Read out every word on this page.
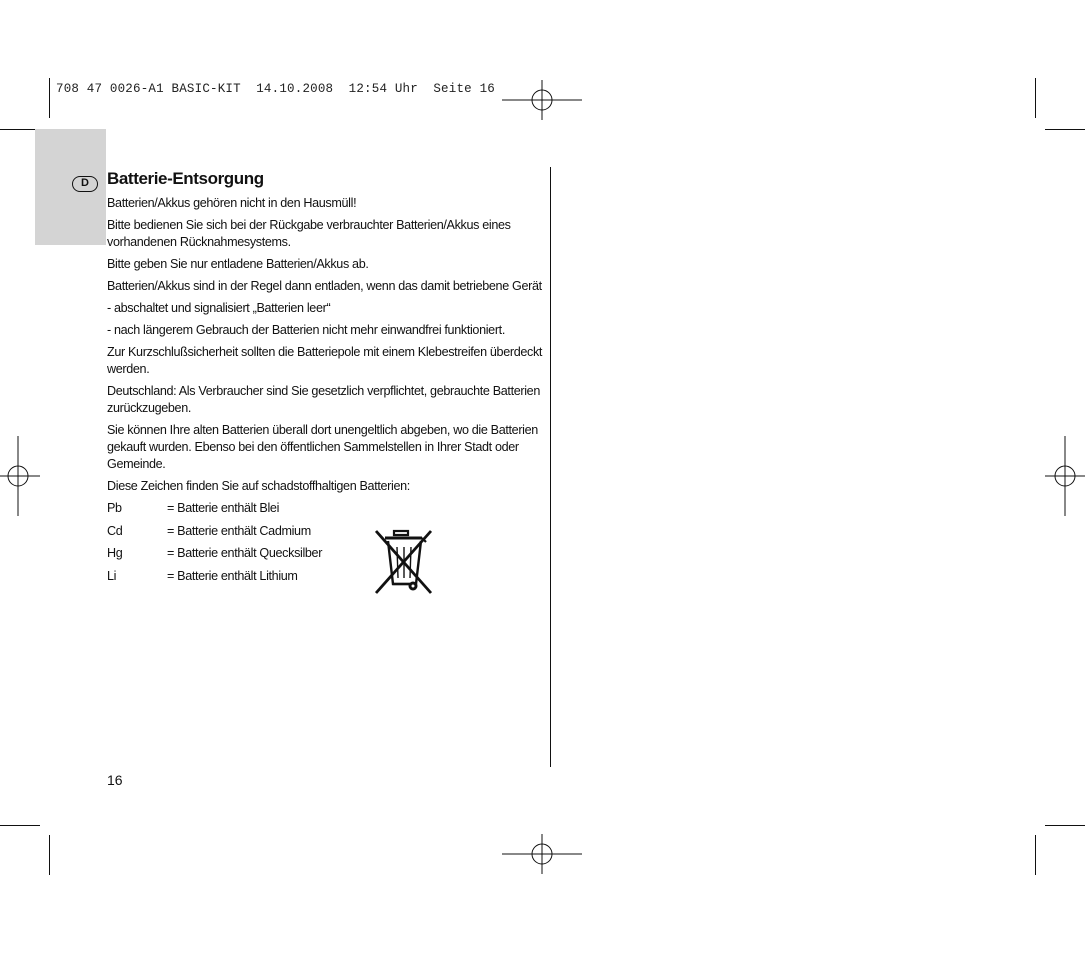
708 47 0026-A1 BASIC-KIT  14.10.2008  12:54 Uhr  Seite 16
D	Batterie-Entsorgung

Batterien/Akkus gehören nicht in den Hausmüll!

Bitte bedienen Sie sich bei der Rückgabe verbrauchter Batterien/Akkus eines vorhandenen Rücknahmesystems.

Bitte geben Sie nur entladene Batterien/Akkus ab.

Batterien/Akkus sind in der Regel dann entladen, wenn das damit betriebene Gerät

- abschaltet und signalisiert „Batterien leer“

- nach längerem Gebrauch der Batterien nicht mehr einwandfrei funktioniert.

Zur Kurzschlußsicherheit sollten die Batteriepole mit einem Klebestreifen überdeckt werden.

Deutschland: Als Verbraucher sind Sie gesetzlich verpflichtet, gebrauchte Batterien zurückzugeben.

Sie können Ihre alten Batterien überall dort unengeltlich abgeben, wo die Batterien gekauft wurden. Ebenso bei den öffentlichen Sammelstellen in Ihrer Stadt oder Gemeinde.

Diese Zeichen finden Sie auf schadstoffhaltigen Batterien:

Pb	= Batterie enthält Blei
Cd	= Batterie enthält Cadmium
Hg	= Batterie enthält Quecksilber
Li	= Batterie enthält Lithium
16
